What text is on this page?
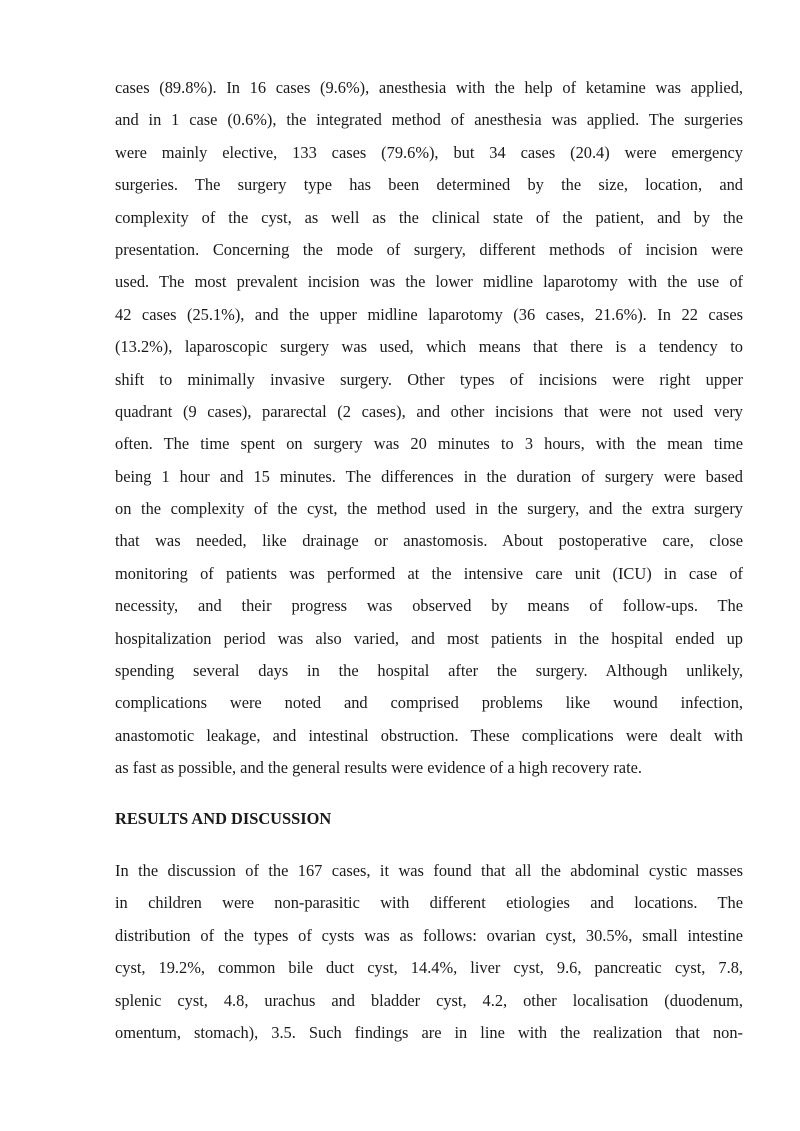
cases (89.8%). In 16 cases (9.6%), anesthesia with the help of ketamine was applied,
and in 1 case (0.6%), the integrated method of anesthesia was applied. The surgeries
were mainly elective, 133 cases (79.6%), but 34 cases (20.4) were emergency
surgeries. The surgery type has been determined by the size, location, and
complexity of the cyst, as well as the clinical state of the patient, and by the
presentation. Concerning the mode of surgery, different methods of incision were
used. The most prevalent incision was the lower midline laparotomy with the use of
42 cases (25.1%), and the upper midline laparotomy (36 cases, 21.6%). In 22 cases
(13.2%), laparoscopic surgery was used, which means that there is a tendency to
shift to minimally invasive surgery. Other types of incisions were right upper
quadrant (9 cases), pararectal (2 cases), and other incisions that were not used very
often. The time spent on surgery was 20 minutes to 3 hours, with the mean time
being 1 hour and 15 minutes. The differences in the duration of surgery were based
on the complexity of the cyst, the method used in the surgery, and the extra surgery
that was needed, like drainage or anastomosis. About postoperative care, close
monitoring of patients was performed at the intensive care unit (ICU) in case of
necessity, and their progress was observed by means of follow-ups. The
hospitalization period was also varied, and most patients in the hospital ended up
spending several days in the hospital after the surgery. Although unlikely,
complications were noted and comprised problems like wound infection,
anastomotic leakage, and intestinal obstruction. These complications were dealt with
as fast as possible, and the general results were evidence of a high recovery rate.
RESULTS AND DISCUSSION
In the discussion of the 167 cases, it was found that all the abdominal cystic masses
in children were non-parasitic with different etiologies and locations. The
distribution of the types of cysts was as follows: ovarian cyst, 30.5%, small intestine
cyst, 19.2%, common bile duct cyst, 14.4%, liver cyst, 9.6, pancreatic cyst, 7.8,
splenic cyst, 4.8, urachus and bladder cyst, 4.2, other localisation (duodenum,
omentum, stomach), 3.5. Such findings are in line with the realization that non-
